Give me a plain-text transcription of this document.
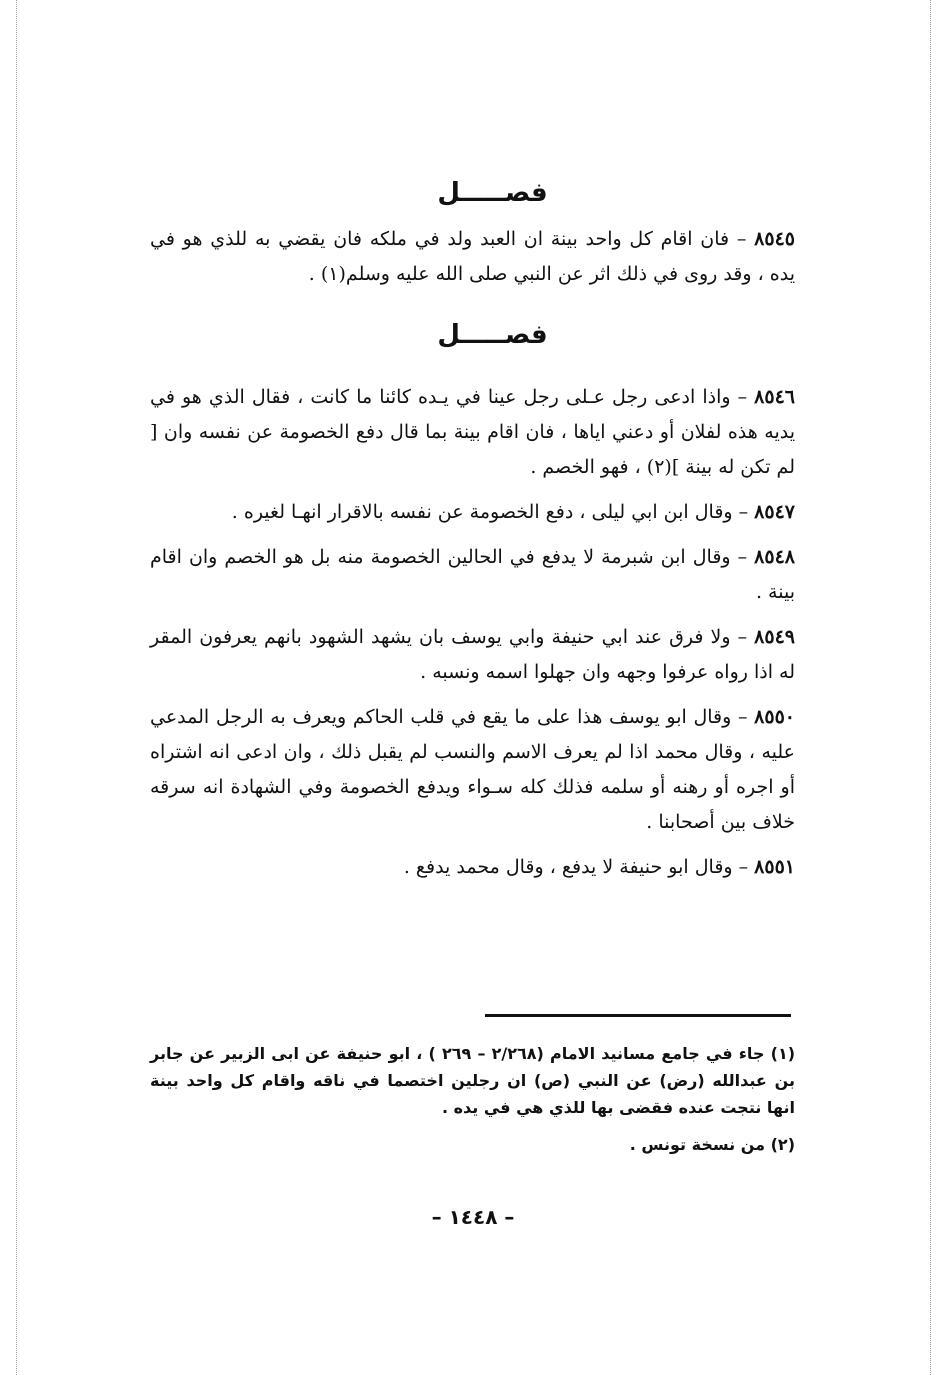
فصـــــل

٨٥٤٥ – فان اقام كل واحد بينة ان العبد ولد في ملكه فان يقضي به للذي هو في يده ، وقد روى في ذلك اثر عن النبي صلى الله عليه وسلم(١) .

فصـــــل

٨٥٤٦ – واذا ادعى رجل عـلى رجل عينا في يـده كائنا ما كانت ، فقال الذي هو في يديه هذه لفلان أو دعني اياها ، فان اقام بينة بما قال دفع الخصومة عن نفسه وان [ لم تكن له بينة ](٢) ، فهو الخصم .

٨٥٤٧ – وقال ابن ابي ليلى ، دفع الخصومة عن نفسه بالاقرار انهـا لغيره .

٨٥٤٨ – وقال ابن شبرمة لا يدفع في الحالين الخصومة منه بل هو الخصم وان اقام بينة .

٨٥٤٩ – ولا فرق عند ابي حنيفة وابي يوسف بان يشهد الشهود بانهم يعرفون المقر له اذا رواه عرفوا وجهه وان جهلوا اسمه ونسبه .

٨٥٥٠ – وقال ابو يوسف هذا على ما يقع في قلب الحاكم ويعرف به الرجل المدعي عليه ، وقال محمد اذا لم يعرف الاسم والنسب لم يقبل ذلك ، وان ادعى انه اشتراه أو اجره أو رهنه أو سلمه فذلك كله سـواء ويدفع الخصومة وفي الشهادة انه سرقه خلاف بين أصحابنا .

٨٥٥١ – وقال ابو حنيفة لا يدفع ، وقال محمد يدفع .

(١) جاء في جامع مسانيد الامام (٢/٢٦٨ – ٢٦٩ ) ، ابو حنيفة عن ابى الزبير عن جابر بن عبدالله (رض) عن النبي (ص) ان رجلين اختصما في ناقه واقام كل واحد بينة انها نتجت عنده فقضى بها للذي هي في يده .

(٢) من نسخة تونس .

– ١٤٤٨ –
